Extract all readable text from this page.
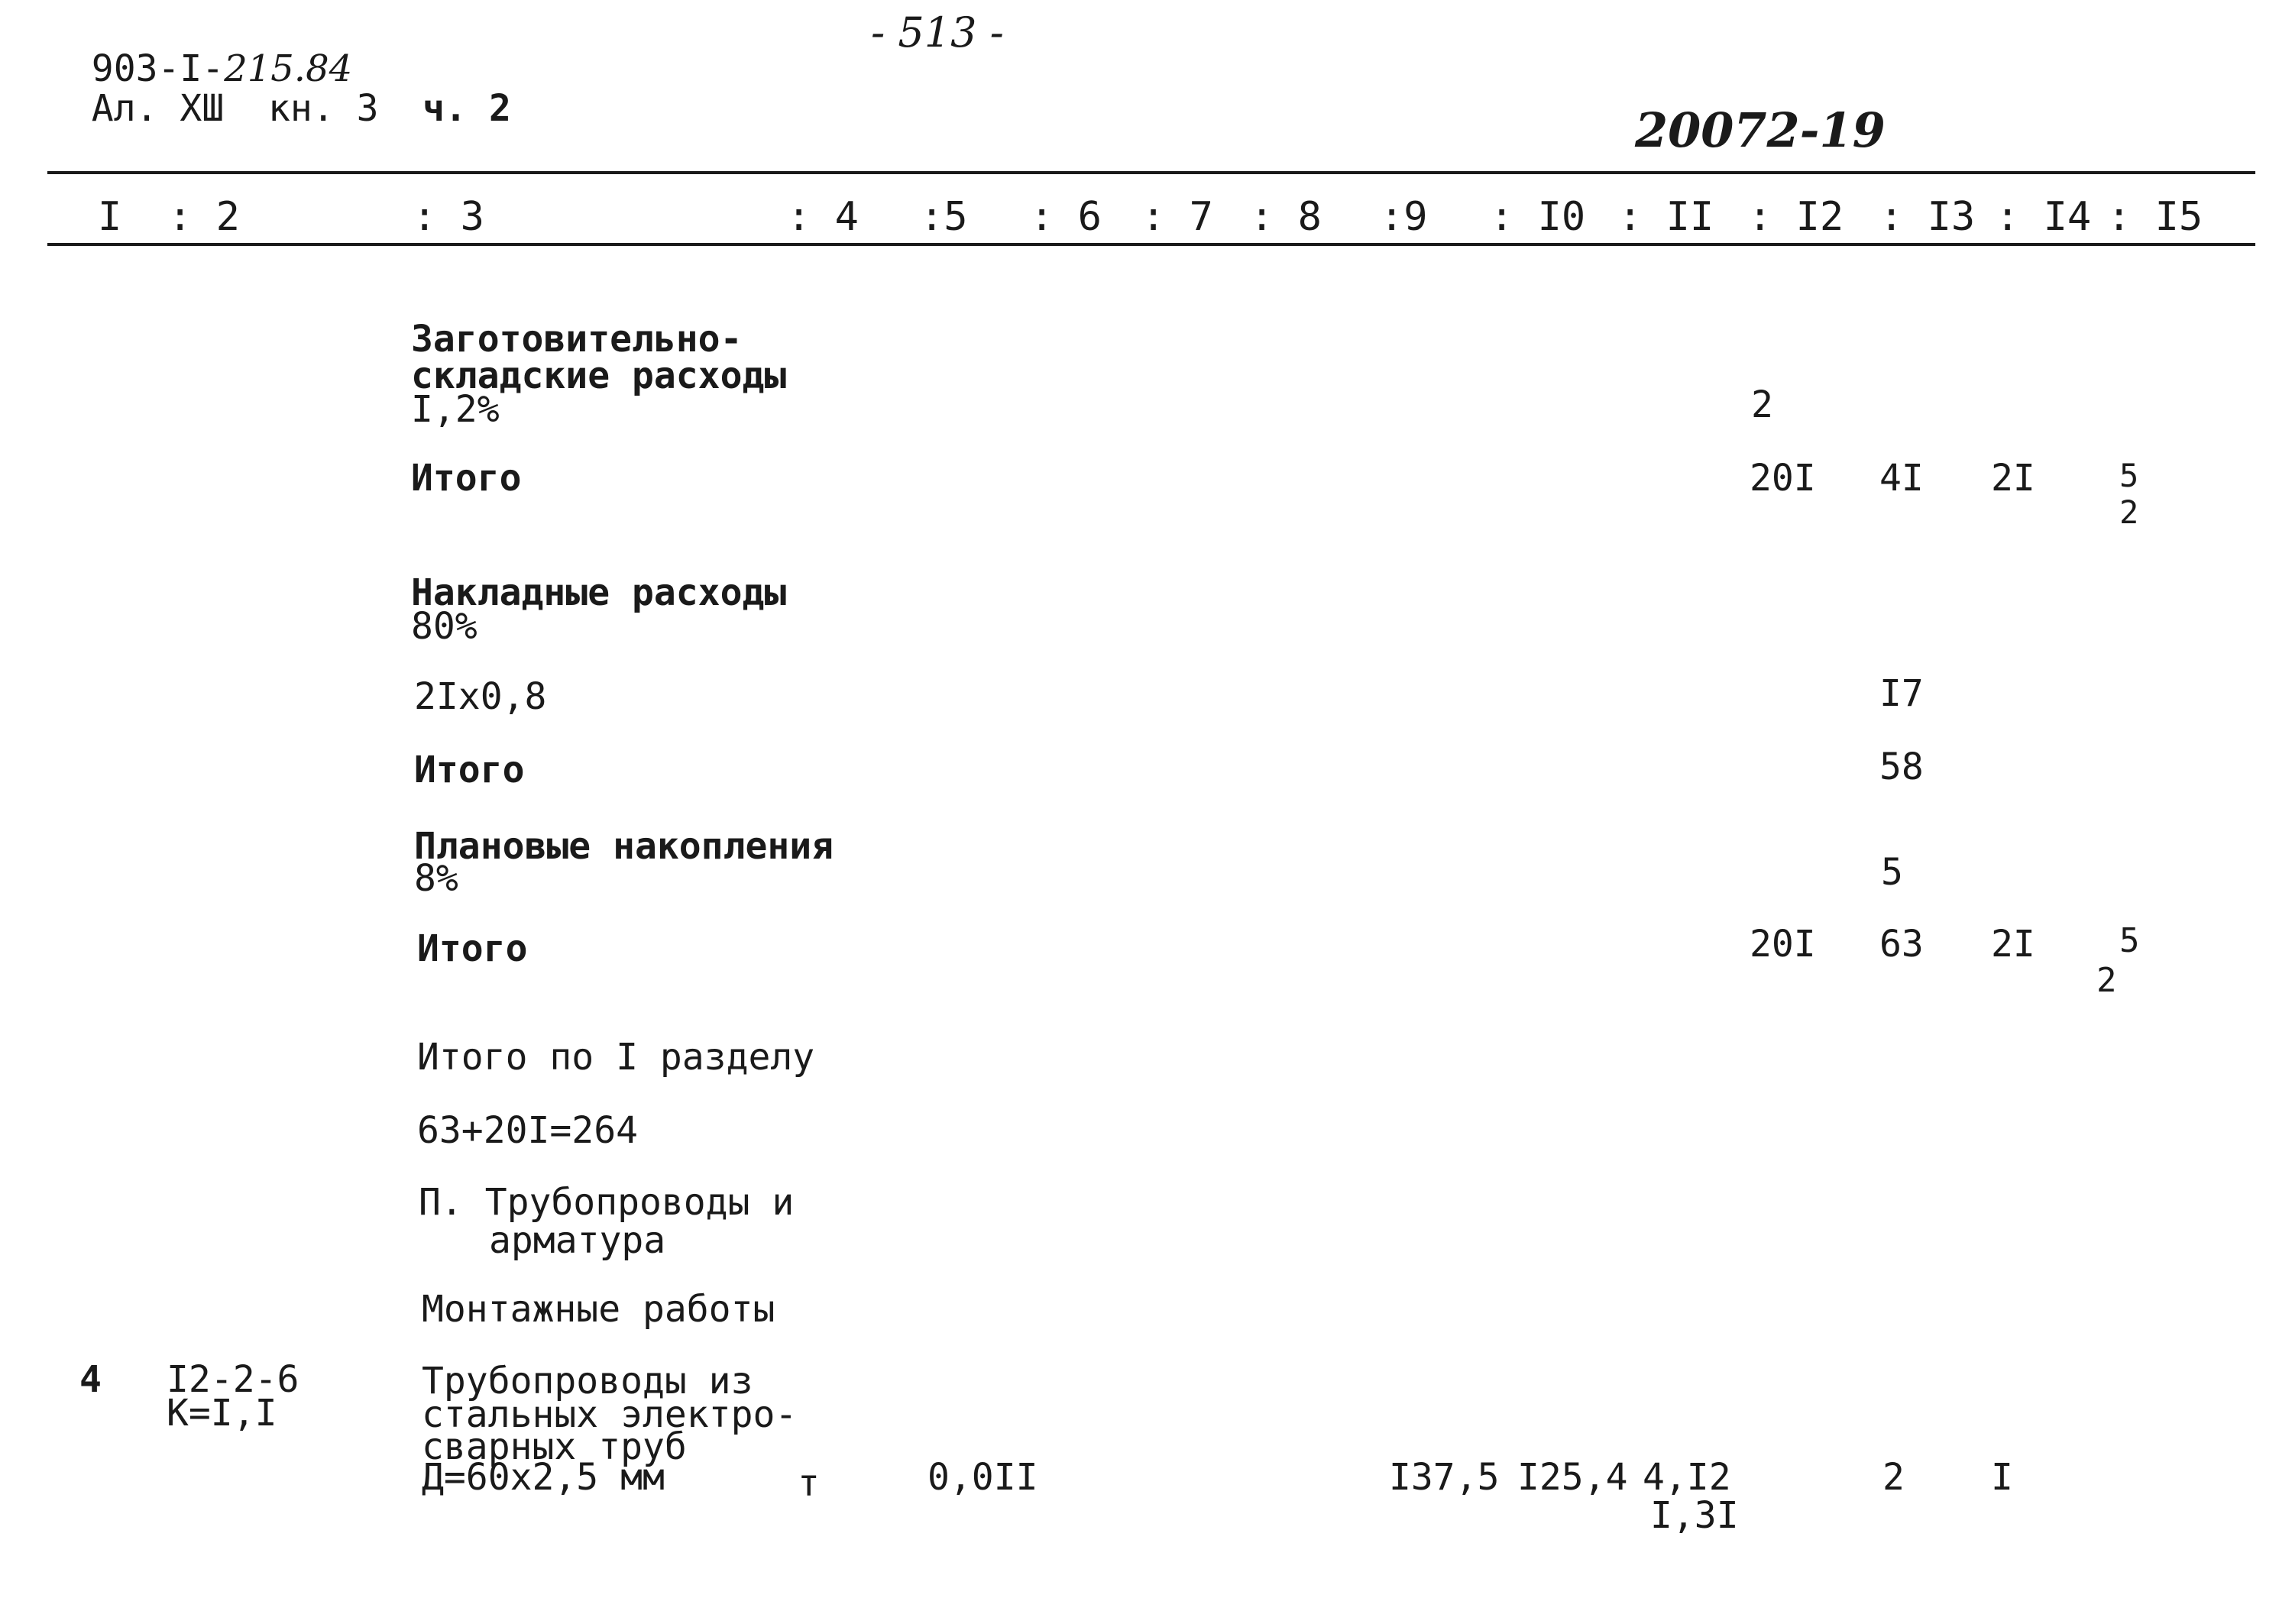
903-I-215.84

Ал. ХШ  кн. 3 ч. 2

- 513 -
20072-19
I : 2	: 3	: 4 :5 : 6 : 7 : 8 :9 : I0 : II : I2 : I3 : I4 : I5
Заготовительно-
складские расходы
I,2%	2
Итого	20I 4I 2I	5
2
Накладные расходы
80%
2Iх0,8	I7
Итого	58
Плановые накопления
8%	5
Итого	20I 63 2I	5
2
Итого по I разделу
63+20I=264
П. Трубопроводы и
арматура
Монтажные работы
4 I2-2-6
К=I,I
Трубопроводы из
стальных электро-
сварных труб
Д=60х2,5 мм	т	0,0II	I37,5 I25,4 4,I2
I,3I
2 I
